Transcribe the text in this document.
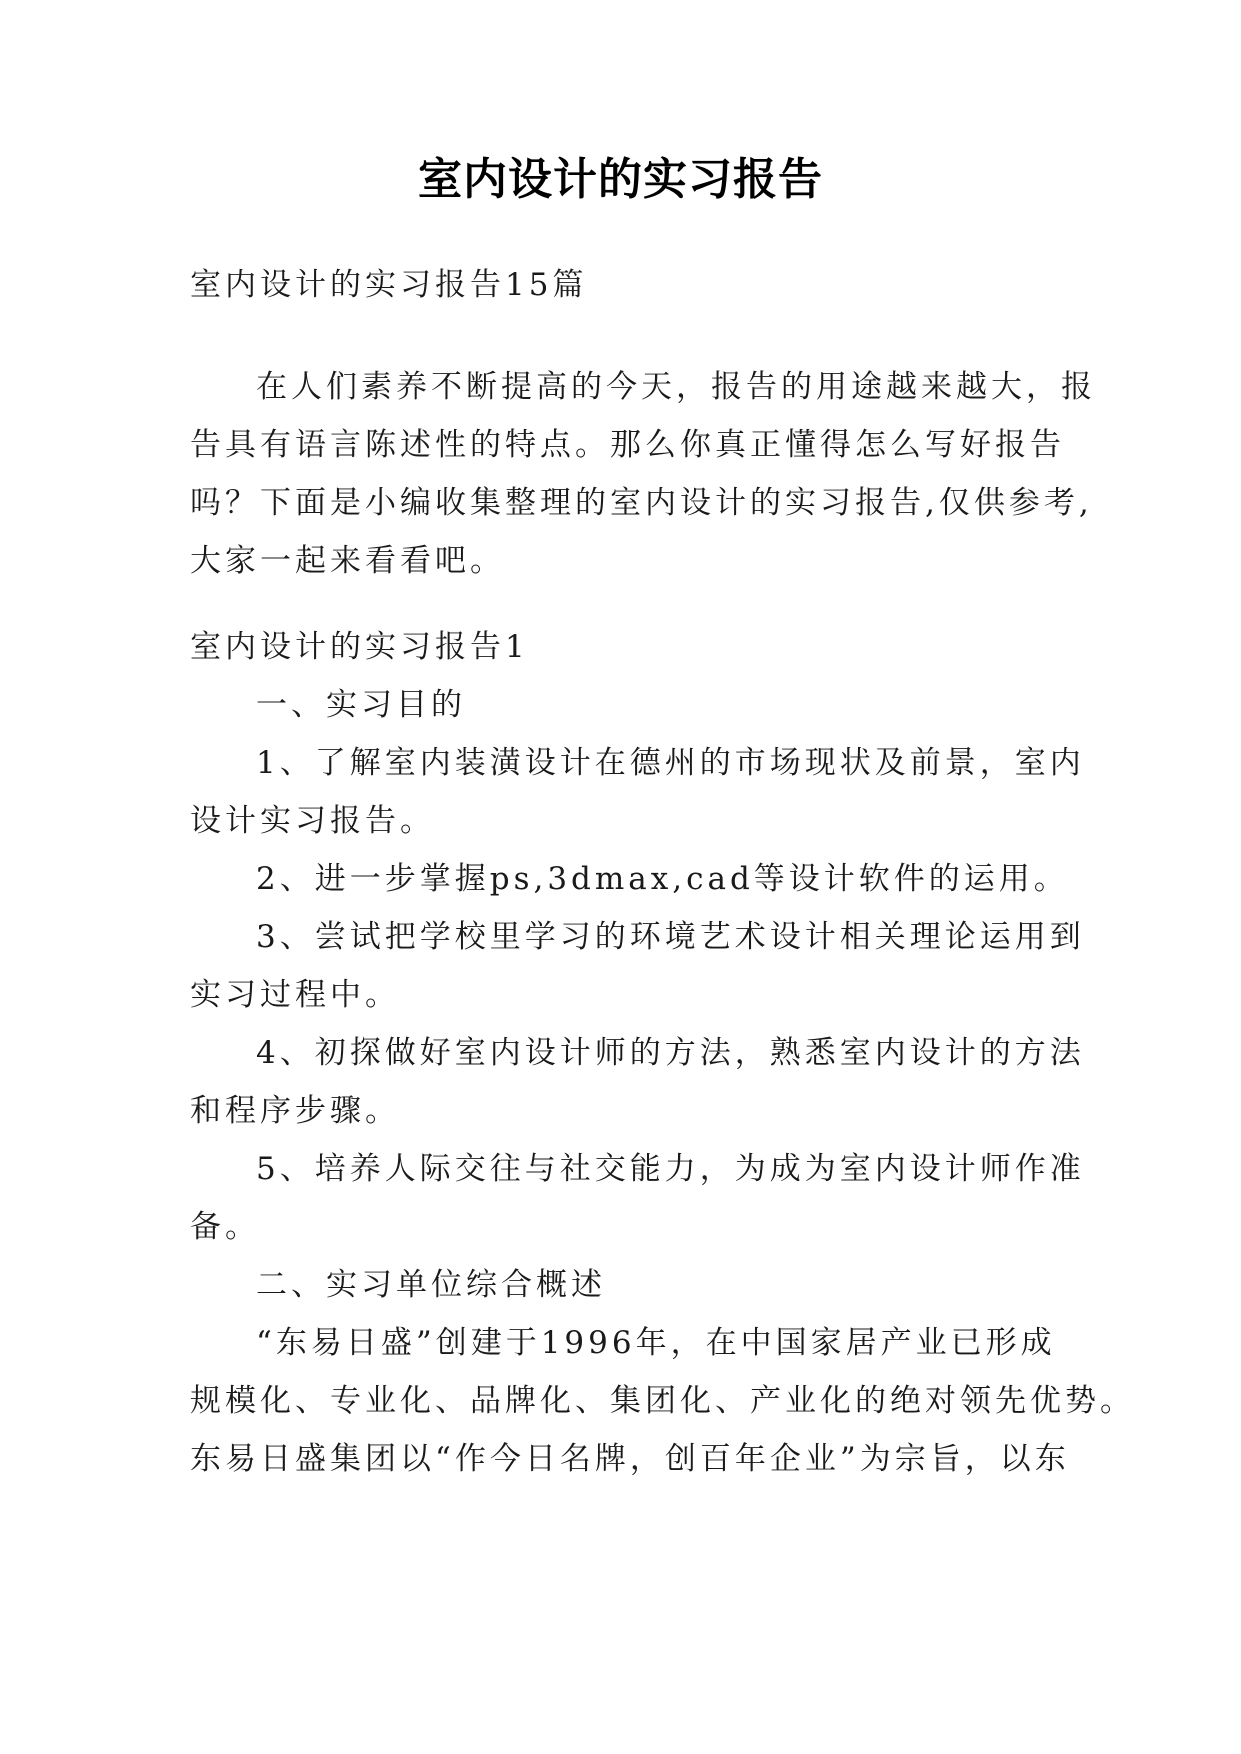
室内设计的实习报告

室内设计的实习报告15篇

在人们素养不断提高的今天，报告的用途越来越大，报

告具有语言陈述性的特点。那么你真正懂得怎么写好报告

吗？下面是小编收集整理的室内设计的实习报告,仅供参考,

大家一起来看看吧。

室内设计的实习报告1

一、实习目的

1、了解室内装潢设计在德州的市场现状及前景，室内

设计实习报告。

2、进一步掌握ps,3dmax,cad等设计软件的运用。

3、尝试把学校里学习的环境艺术设计相关理论运用到

实习过程中。

4、初探做好室内设计师的方法，熟悉室内设计的方法

和程序步骤。

5、培养人际交往与社交能力，为成为室内设计师作准

备。

二、实习单位综合概述

“东易日盛”创建于1996年，在中国家居产业已形成

规模化、专业化、品牌化、集团化、产业化的绝对领先优势。

东易日盛集团以“作今日名牌，创百年企业”为宗旨，以东
